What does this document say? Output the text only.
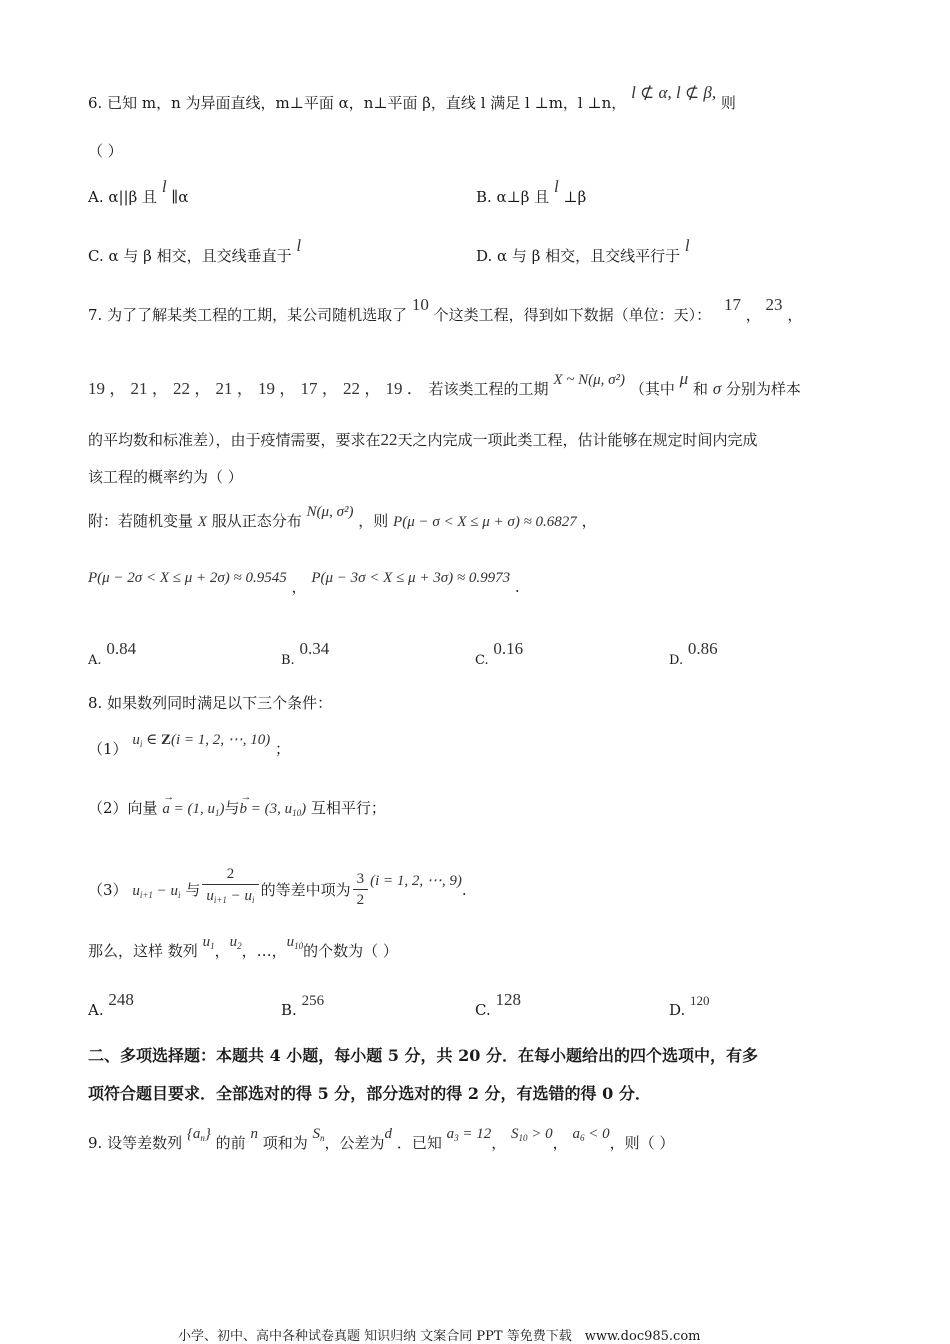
6. 已知 m，n 为异面直线，m⊥平面 α，n⊥平面 β，直线 l 满足 l ⊥m，l ⊥n， l ⊄ α, l ⊄ β, 则
（ ）
A. α||β 且 l ∥α	B. α⊥β 且 l ⊥β
C. α 与 β 相交，且交线垂直于 l
D. α 与 β 相交，且交线平行于 l
7. 为了了解某类工程的工期，某公司随机选取了 10 个这类工程，得到如下数据（单位：天）： 17 ， 23 ，
19 ， 21 ， 22 ， 21 ， 19 ， 17 ， 22 ， 19 ． 若该类工程的工期 X ~ N(μ, σ²) （其中 μ 和 σ 分别为样本
的平均数和标准差），由于疫情需要，要求在22天之内完成一项此类工程，估计能够在规定时间内完成
该工程的概率约为（ ）
附：若随机变量 X 服从正态分布 N(μ, σ²) ，则 P(μ − σ < X ≤ μ + σ) ≈ 0.6827 ，
P(μ − 2σ < X ≤ μ + 2σ) ≈ 0.9545 ， P(μ − 3σ < X ≤ μ + 3σ) ≈ 0.9973 .
A. 0.84
B. 0.34
C. 0.16
D. 0.86
8. 如果数列同时满足以下三个条件：
（1） $u_i$ ∈ Z(i = 1, 2, ⋯, 10) ；
（2）向量
→
a = (1, $u_1$)与
→
b = (3, $u_{10}$) 互相平行；
（3） $u_{i+1} - u_i$ 与 $\frac{2}{u_{i+1} - u_i}$ 的等差中项为 $\frac{3}{2} (i = 1$, 2, ⋯, 9).
那么，这样 数列 $u_1$，$u_2$，…，$u_{10}$的个数为（ ）
A. 248
B. 256	C. 128
D. 120
二、多项选择题：本题共 4 小题，每小题 5 分，共 20 分．在每小题给出的四个选项中，有多
项符合题目要求．全部选对的得 5 分，部分选对的得 2 分，有选错的得 0 分．
9. 设等差数列 $\{a_n\}$ 的前 n 项和为 $S_n$，公差为d ．已知 $a_3 = 12$， $S_{10} > 0$， $a_6 < 0$，则（ ）
小学、初中、高中各种试卷真题 知识归纳 文案合同 PPT 等免费下载　www.doc985.com
